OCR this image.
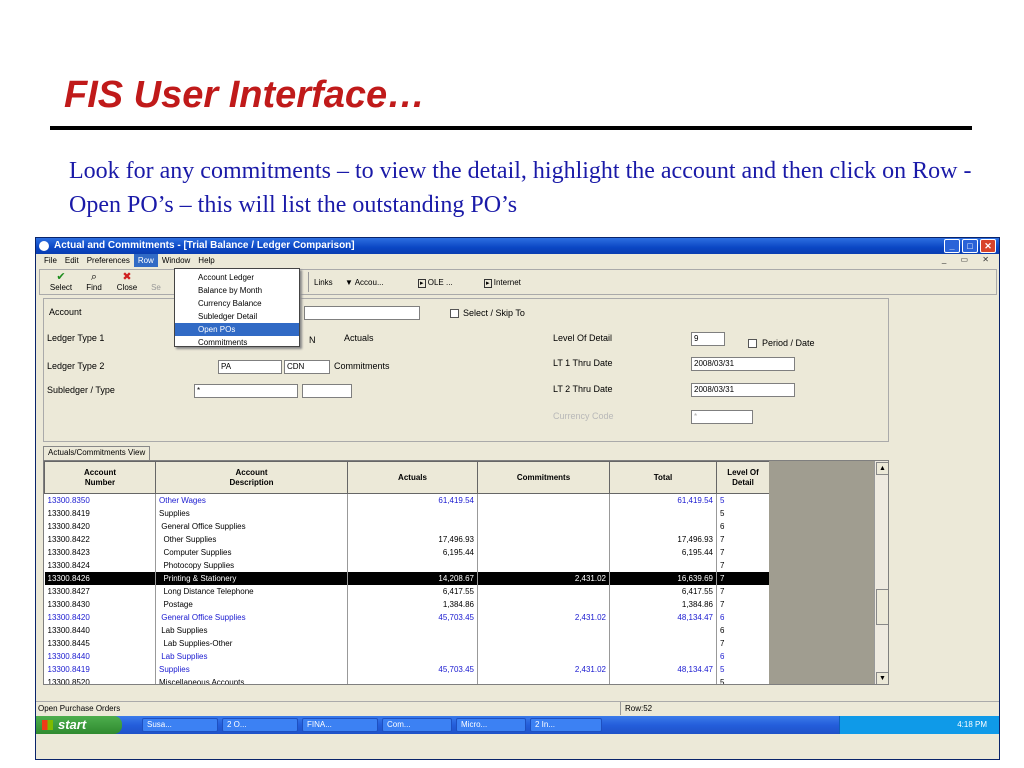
FIS User Interface…
Look for any commitments – to view the detail, highlight the account and then click on Row -Open PO’s – this will list the outstanding PO’s
Actual and Commitments - [Trial Balance / Ledger Comparison]	_	□	✕
File	Edit	Preferences	Row	Window	Help	_ ▭ ✕
✔
Select
⌕
Find
✖
Close	Se
Links ▼ Accou...	▸ OLE ...	▸ Internet
Account	Select / Skip To
Ledger Type 1	N	Actuals	Level Of Detail	9	Period / Date
Ledger Type 2	PA	CDN	Commitments	LT 1 Thru Date	2008/03/31
Subledger / Type	*	LT 2 Thru Date	2008/03/31
Currency Code	*
Actuals/Commitments View
Account
Number	Account
Description	Actuals	Commitments	Total	Level Of
Detail
13300.8350	Other Wages	61,419.54		61,419.54	5
13300.8419	Supplies				5
13300.8420	General Office Supplies				6
13300.8422	Other Supplies	17,496.93		17,496.93	7
13300.8423	Computer Supplies	6,195.44		6,195.44	7
13300.8424	Photocopy Supplies				7
13300.8426	Printing & Stationery	14,208.67	2,431.02	16,639.69	7
13300.8427	Long Distance Telephone	6,417.55		6,417.55	7
13300.8430	Postage	1,384.86		1,384.86	7
13300.8420	General Office Supplies	45,703.45	2,431.02	48,134.47	6
13300.8440	Lab Supplies				6
13300.8445	Lab Supplies-Other				7
13300.8440	Lab Supplies				6
13300.8419	Supplies	45,703.45	2,431.02	48,134.47	5
13300.8520	Miscellaneous Accounts				5
▲
▼
Open Purchase Orders	Row:52
start	Susa...	2 O...	FINA...	Com...	Micro...	2 In...	4:18 PM
Account Ledger
Balance by Month
Currency Balance
Subledger Detail
Open POs
Commitments
